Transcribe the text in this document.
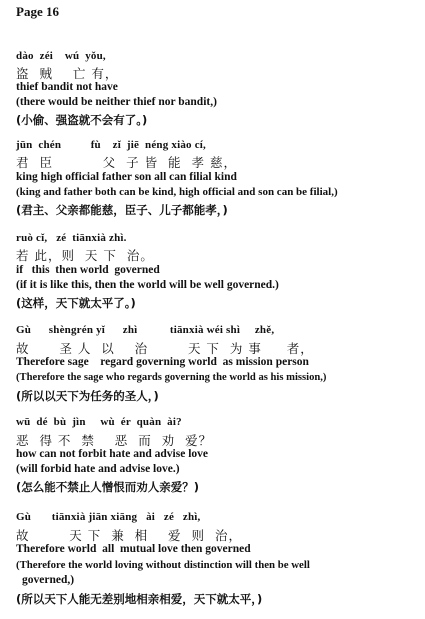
Page 16
dào  zéi    wú  yǒu,
盗  贼    亡 有，
thief bandit not have
(there would be neither thief nor bandit,)
(小偷、强盗就不会有了。)
jūn  chén          fù    zǐ  jiē  néng xiào cí,
君  臣          父  子 皆  能  孝 慈，
king high official father son all can filial kind
(king and father both can be kind, high official and son can be filial,)
(君主、父亲都能慈，臣子、儿子都能孝，)
ruò cǐ,   zé  tiānxià zhì.
若 此，则  天 下  治。
if   this  then world  governed
(if it is like this, then the world will be well governed.)
(这样，天下就太平了。)
Gù      shèngrén yǐ      zhì           tiānxià wéi shì     zhě,
故      圣 人  以    治        天 下  为 事     者，
Therefore sage    regard governing world  as mission person
(Therefore the sage who regards governing the world as his mission,)
(所以以天下为任务的圣人，)
wū  dé  bù  jìn     wù  ér  quàn  ài?
恶  得 不  禁    恶  而  劝  爱？
how can not forbit hate and advise love
(will forbid hate and advise love.)
(怎么能不禁止人憎恨而劝人亲爱？)
Gù       tiānxià jiān xiāng   ài   zé   zhì,
故        天 下  兼  相    爱  则  治，
Therefore world  all  mutual love then governed
(Therefore the world loving without distinction will then be well
governed,)
(所以天下人能无差别地相亲相爱，天下就太平，)
